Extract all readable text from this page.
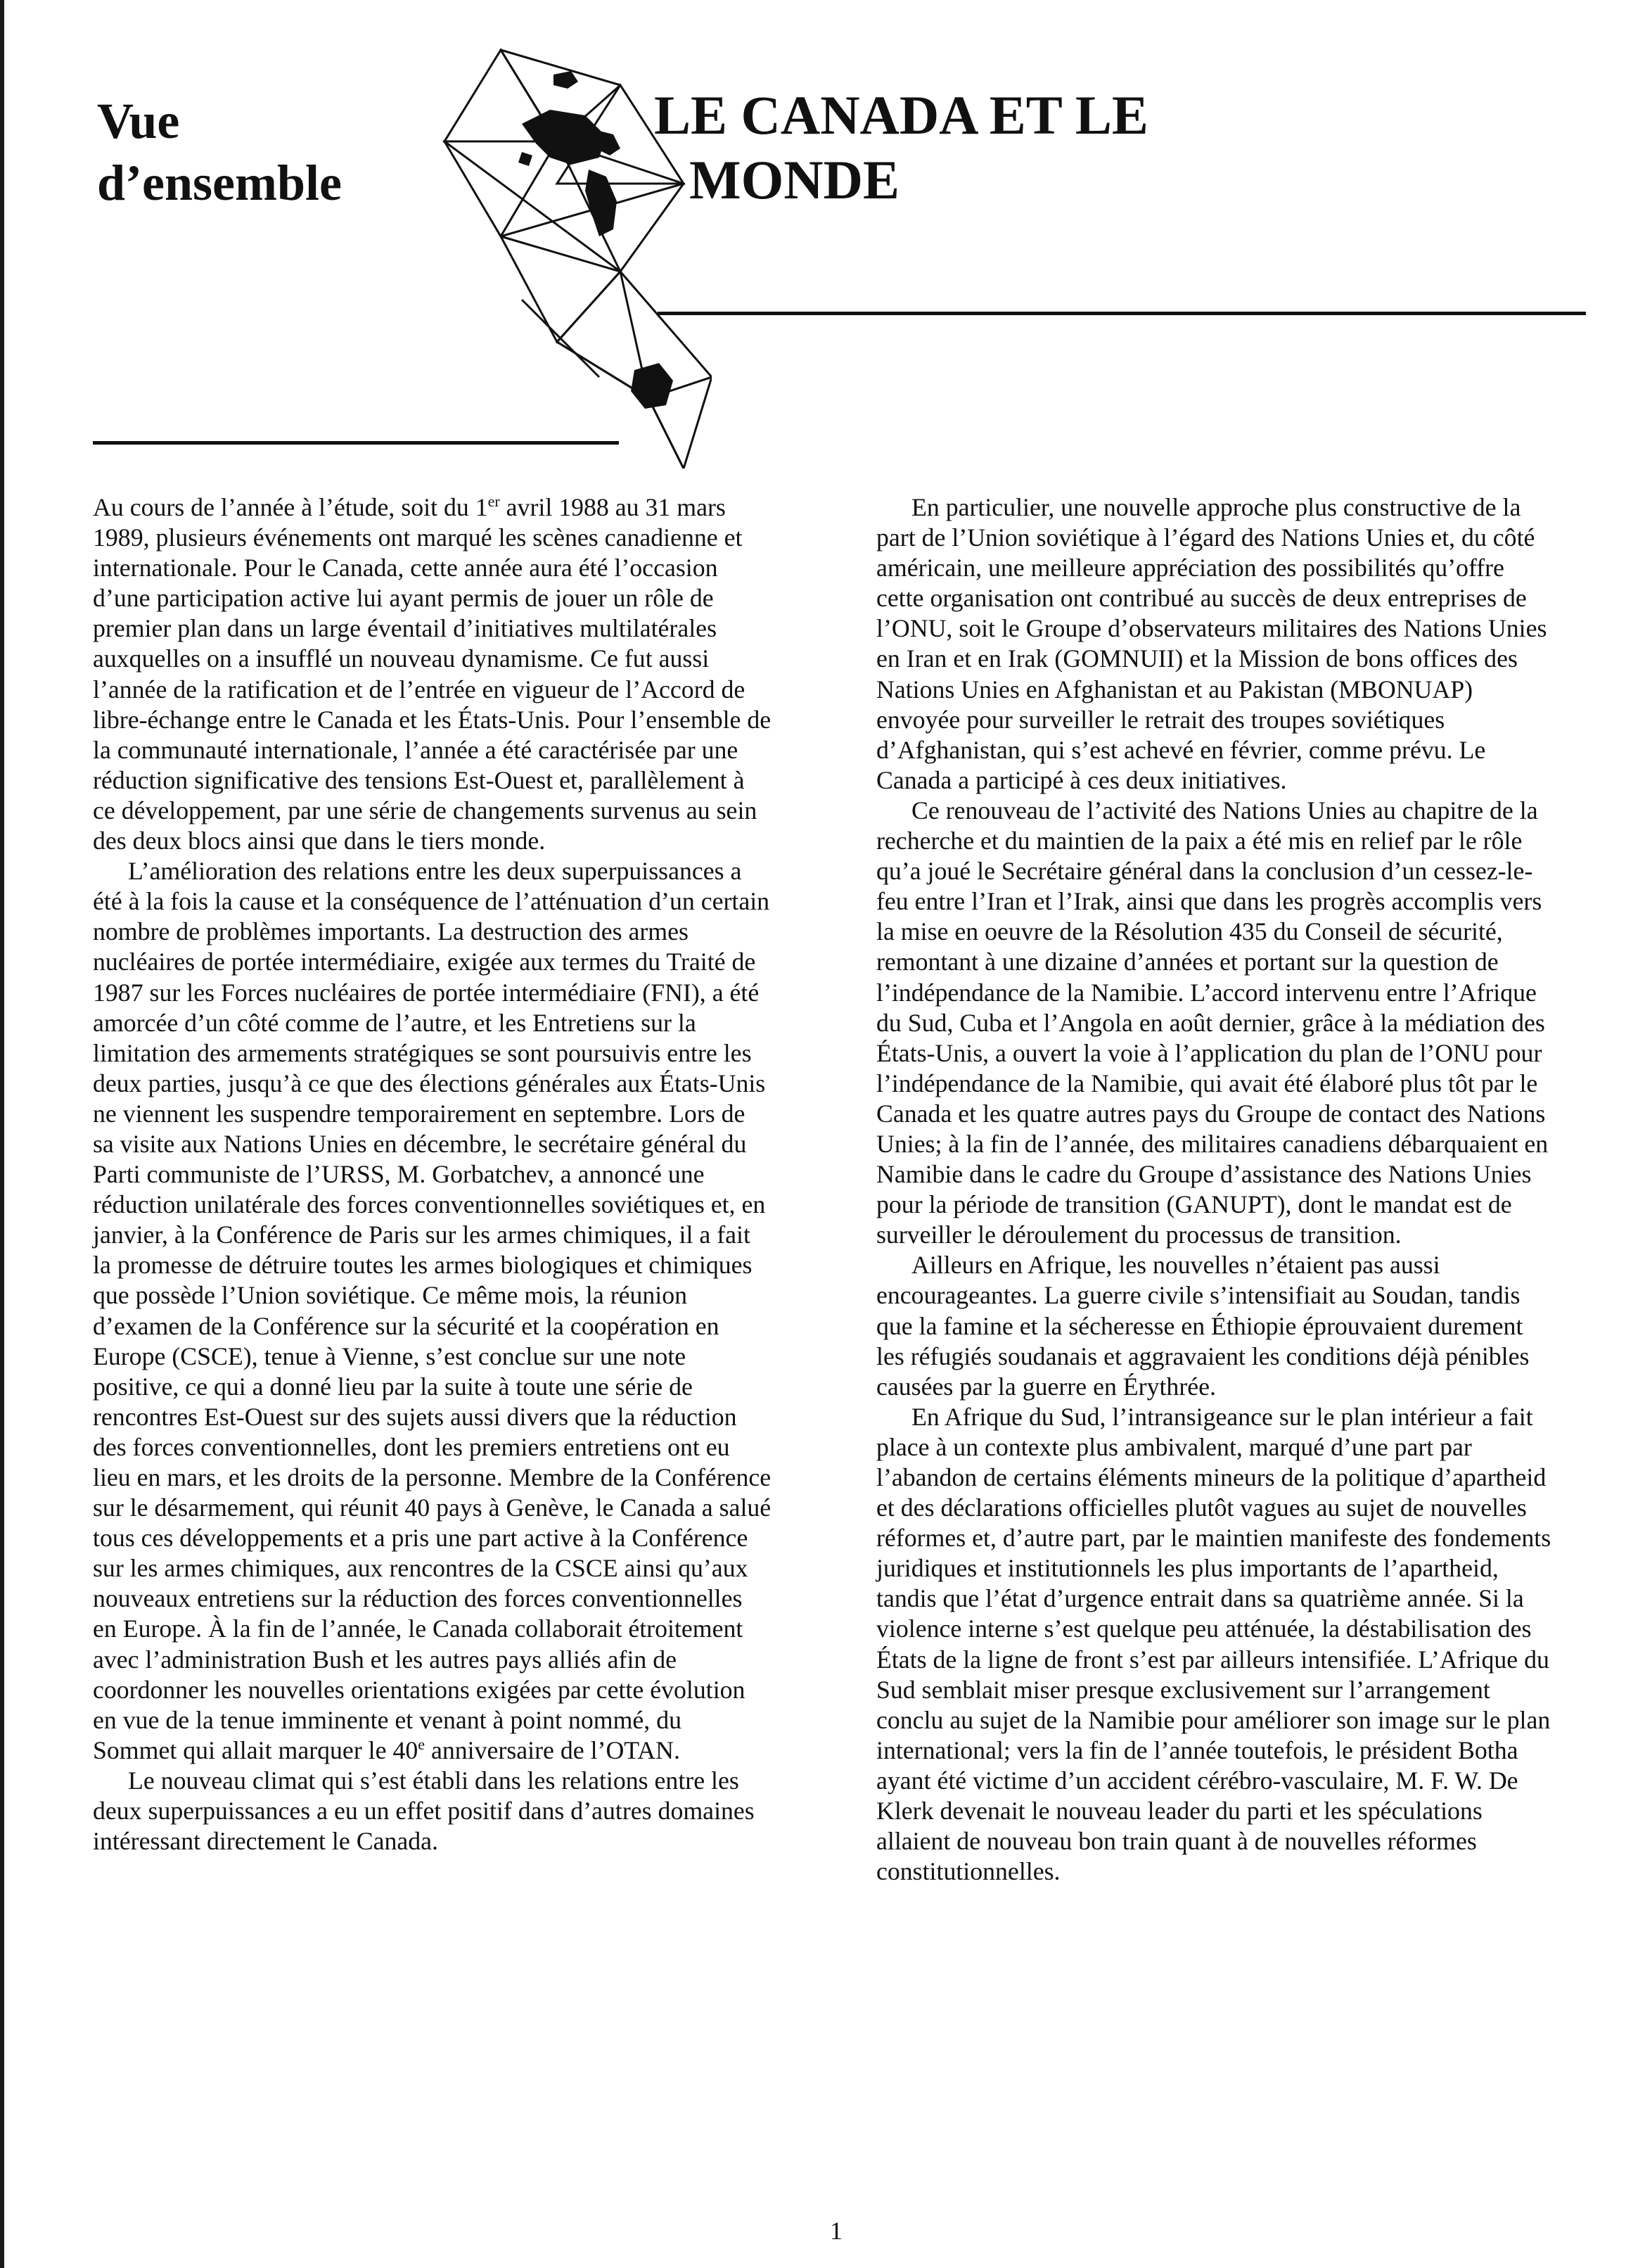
Vue
d’ensemble
LE CANADA ET LE
MONDE

Au cours de l’année à l’étude, soit du 1er avril 1988 au 31 mars 1989, plusieurs événements ont marqué les scènes canadienne et internationale. Pour le Canada, cette année aura été l’occasion d’une participation active lui ayant permis de jouer un rôle de premier plan dans un large éventail d’initiatives multilatérales auxquelles on a insufflé un nouveau dynamisme. Ce fut aussi l’année de la ratification et de l’entrée en vigueur de l’Accord de libre-échange entre le Canada et les États-Unis. Pour l’ensemble de la communauté internationale, l’année a été caractérisée par une réduction significative des tensions Est-Ouest et, parallèlement à ce développement, par une série de changements survenus au sein des deux blocs ainsi que dans le tiers monde.

L’amélioration des relations entre les deux superpuissances a été à la fois la cause et la conséquence de l’atténuation d’un certain nombre de problèmes importants. La destruction des armes nucléaires de portée intermédiaire, exigée aux termes du Traité de 1987 sur les Forces nucléaires de portée intermédiaire (FNI), a été amorcée d’un côté comme de l’autre, et les Entretiens sur la limitation des armements stratégiques se sont poursuivis entre les deux parties, jusqu’à ce que des élections générales aux États-Unis ne viennent les suspendre temporairement en septembre. Lors de sa visite aux Nations Unies en décembre, le secrétaire général du Parti communiste de l’URSS, M. Gorbatchev, a annoncé une réduction unilatérale des forces conventionnelles soviétiques et, en janvier, à la Conférence de Paris sur les armes chimiques, il a fait la promesse de détruire toutes les armes biologiques et chimiques que possède l’Union soviétique. Ce même mois, la réunion d’examen de la Conférence sur la sécurité et la coopération en Europe (CSCE), tenue à Vienne, s’est conclue sur une note positive, ce qui a donné lieu par la suite à toute une série de rencontres Est-Ouest sur des sujets aussi divers que la réduction des forces conventionnelles, dont les premiers entretiens ont eu lieu en mars, et les droits de la personne. Membre de la Conférence sur le désarmement, qui réunit 40 pays à Genève, le Canada a salué tous ces développements et a pris une part active à la Conférence sur les armes chimiques, aux rencontres de la CSCE ainsi qu’aux nouveaux entretiens sur la réduction des forces conventionnelles en Europe. À la fin de l’année, le Canada collaborait étroitement avec l’administration Bush et les autres pays alliés afin de coordonner les nouvelles orientations exigées par cette évolution en vue de la tenue imminente et venant à point nommé, du Sommet qui allait marquer le 40e anniversaire de l’OTAN.

Le nouveau climat qui s’est établi dans les relations entre les deux superpuissances a eu un effet positif dans d’autres domaines intéressant directement le Canada.

En particulier, une nouvelle approche plus constructive de la part de l’Union soviétique à l’égard des Nations Unies et, du côté américain, une meilleure appréciation des possibilités qu’offre cette organisation ont contribué au succès de deux entreprises de l’ONU, soit le Groupe d’observateurs militaires des Nations Unies en Iran et en Irak (GOMNUII) et la Mission de bons offices des Nations Unies en Afghanistan et au Pakistan (MBONUAP) envoyée pour surveiller le retrait des troupes soviétiques d’Afghanistan, qui s’est achevé en février, comme prévu. Le Canada a participé à ces deux initiatives.

Ce renouveau de l’activité des Nations Unies au chapitre de la recherche et du maintien de la paix a été mis en relief par le rôle qu’a joué le Secrétaire général dans la conclusion d’un cessez-le-feu entre l’Iran et l’Irak, ainsi que dans les progrès accomplis vers la mise en oeuvre de la Résolution 435 du Conseil de sécurité, remontant à une dizaine d’années et portant sur la question de l’indépendance de la Namibie. L’accord intervenu entre l’Afrique du Sud, Cuba et l’Angola en août dernier, grâce à la médiation des États-Unis, a ouvert la voie à l’application du plan de l’ONU pour l’indépendance de la Namibie, qui avait été élaboré plus tôt par le Canada et les quatre autres pays du Groupe de contact des Nations Unies; à la fin de l’année, des militaires canadiens débarquaient en Namibie dans le cadre du Groupe d’assistance des Nations Unies pour la période de transition (GANUPT), dont le mandat est de surveiller le déroulement du processus de transition.

Ailleurs en Afrique, les nouvelles n’étaient pas aussi encourageantes. La guerre civile s’intensifiait au Soudan, tandis que la famine et la sécheresse en Éthiopie éprouvaient durement les réfugiés soudanais et aggravaient les conditions déjà pénibles causées par la guerre en Érythrée.

En Afrique du Sud, l’intransigeance sur le plan intérieur a fait place à un contexte plus ambivalent, marqué d’une part par l’abandon de certains éléments mineurs de la politique d’apartheid et des déclarations officielles plutôt vagues au sujet de nouvelles réformes et, d’autre part, par le maintien manifeste des fondements juridiques et institutionnels les plus importants de l’apartheid, tandis que l’état d’urgence entrait dans sa quatrième année. Si la violence interne s’est quelque peu atténuée, la déstabilisation des États de la ligne de front s’est par ailleurs intensifiée. L’Afrique du Sud semblait miser presque exclusivement sur l’arrangement conclu au sujet de la Namibie pour améliorer son image sur le plan international; vers la fin de l’année toutefois, le président Botha ayant été victime d’un accident cérébro-vasculaire, M. F. W. De Klerk devenait le nouveau leader du parti et les spéculations allaient de nouveau bon train quant à de nouvelles réformes constitutionnelles.

1
